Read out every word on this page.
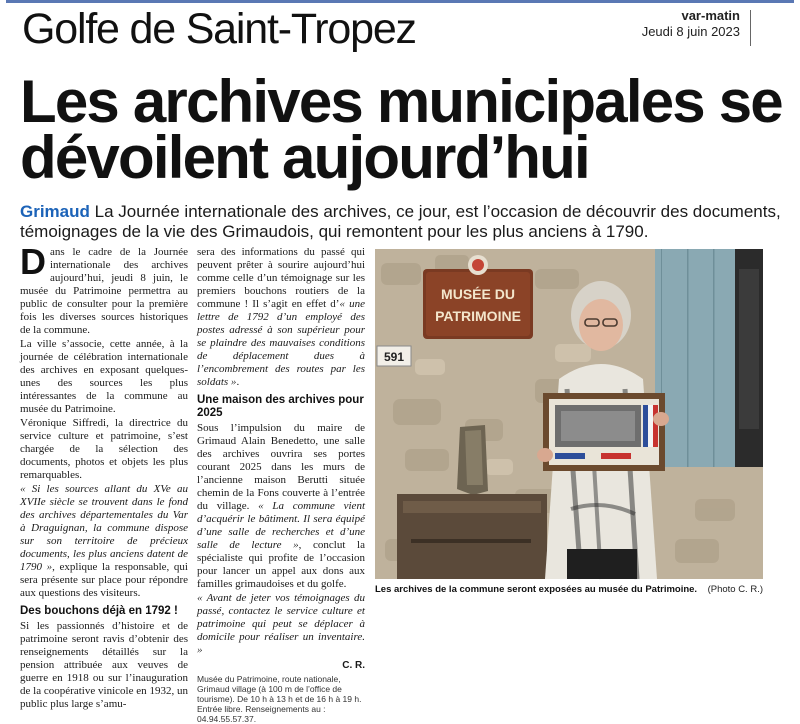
Golfe de Saint-Tropez	var-matin
Jeudi 8 juin 2023
Les archives municipales se dévoilent aujourd’hui
Grimaud La Journée internationale des archives, ce jour, est l’occasion de découvrir des documents, témoignages de la vie des Grimaudois, qui remontent pour les plus anciens à 1790.

Dans le cadre de la Journée internationale des archives aujourd’hui, jeudi 8 juin, le musée du Patrimoine permettra au public de consulter pour la première fois les diverses sources historiques de la commune.

La ville s’associe, cette année, à la journée de célébration internationale des archives en exposant quelques-unes des sources les plus intéressantes de la commune au musée du Patrimoine.

Véronique Siffredi, la directrice du service culture et patrimoine, s’est chargée de la sélection des documents, photos et objets les plus remarquables.

« Si les sources allant du XVe au XVIIe siècle se trouvent dans le fond des archives départementales du Var à Draguignan, la commune dispose sur son territoire de précieux documents, les plus anciens datent de 1790 », explique la responsable, qui sera présente sur place pour répondre aux questions des visiteurs.

Des bouchons déjà en 1792 !

Si les passionnés d’histoire et de patrimoine seront ravis d’obtenir des renseignements détaillés sur la pension attribuée aux veuves de guerre en 1918 ou sur l’inauguration de la coopérative vinicole en 1932, un public plus large s’amu-

sera des informations du passé qui peuvent prêter à sourire aujourd’hui comme celle d’un témoignage sur les premiers bouchons routiers de la commune ! Il s’agit en effet d’« une lettre de 1792 d’un employé des postes adressé à son supérieur pour se plaindre des mauvaises conditions de déplacement dues à l’encombrement des routes par les soldats ».

Une maison des archives pour 2025

Sous l’impulsion du maire de Grimaud Alain Benedetto, une salle des archives ouvrira ses portes courant 2025 dans les murs de l’ancienne maison Berutti située chemin de la Fons couverte à l’entrée du village. « La commune vient d’acquérir le bâtiment. Il sera équipé d’une salle de recherches et d’une salle de lecture », conclut la spécialiste qui profite de l’occasion pour lancer un appel aux dons aux familles grimaudoises et du golfe.

« Avant de jeter vos témoignages du passé, contactez le service culture et patrimoine qui peut se déplacer à domicile pour réaliser un inventaire. »

C. R.
Musée du Patrimoine, route nationale, Grimaud village (à 100 m de l’office de tourisme). De 10 h à 13 h et de 16 h à 19 h. Entrée libre. Renseignements au : 04.94.55.57.37.
MUSÉE DU
PATRIMOINE
591
Les archives de la commune seront exposées au musée du Patrimoine. (Photo C. R.)
